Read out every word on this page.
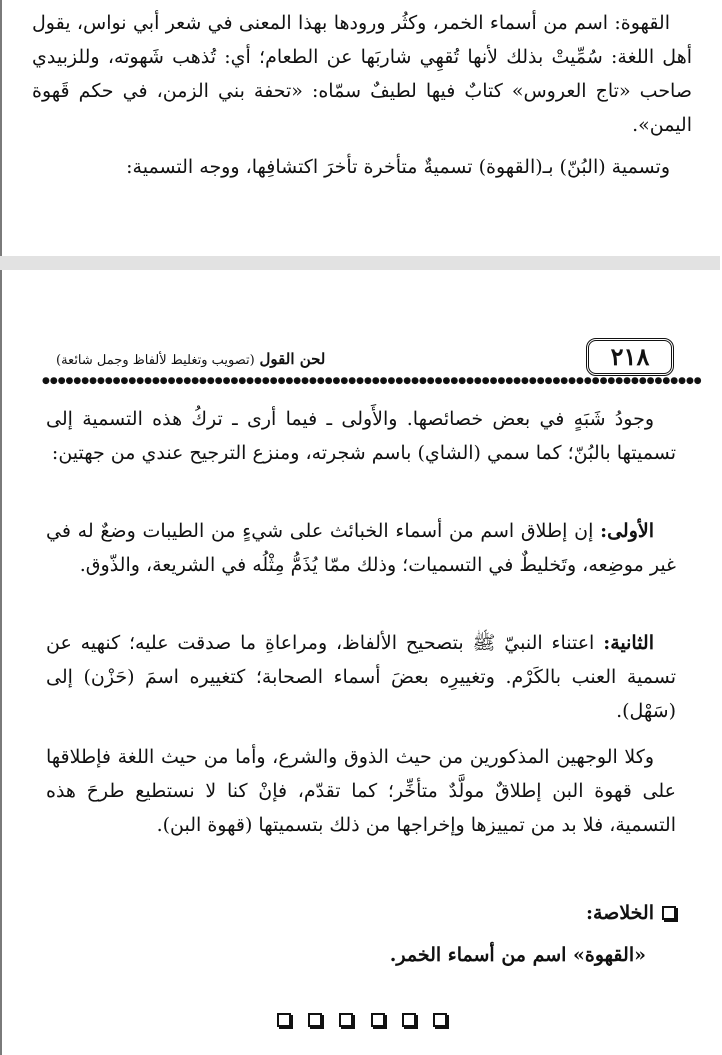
القهوة: اسم من أسماء الخمر، وكثُر ورودها بهذا المعنى في شعر أبي نواس، يقول أهل اللغة: سُمِّيتْ بذلك لأنها تُقهِي شاربَها عن الطعام؛ أي: تُذهب شَهوته، وللزبيدي صاحب «تاج العروس» كتابٌ فيها لطيفٌ سمّاه: «تحفة بني الزمن، في حكم قَهوة اليمن».

وتسمية (البُنّ) بـ(القهوة) تسميةٌ متأخرة تأخرَ اكتشافِها، ووجه التسمية:

٢١٨
لحن القول (تصويب وتغليط لألفاظ وجمل شائعة)
●●●●●●●●●●●●●●●●●●●●●●●●●●●●●●●●●●●●●●●●●●●●●●●●●●●●●●●●●●●●●●●●●●●●●●●●●●●●●●●●●●●●

وجودُ شَبَهٍ في بعض خصائصها. والأَولى ـ فيما أرى ـ تركُ هذه التسمية إلى تسميتها بالبُنّ؛ كما سمي (الشاي) باسم شجرته، ومنزع الترجيح عندي من جهتين:

الأولى: إن إطلاق اسم من أسماء الخبائث على شيءٍ من الطيبات وضعٌ له في غير موضِعه، وتَخليطٌ في التسميات؛ وذلك ممّا يُذَمُّ مِثْلُه في الشريعة، والذّوق.

الثانية: اعتناء النبيّ ﷺ بتصحيح الألفاظ، ومراعاةِ ما صدقت عليه؛ كنهيه عن تسمية العنب بالكَرْم. وتغييرِه بعضَ أسماء الصحابة؛ كتغييره اسمَ (حَزْن) إلى (سَهْل).

وكلا الوجهين المذكورين من حيث الذوق والشرع، وأما من حيث اللغة فإطلاقها على قهوة البن إطلاقٌ مولَّدٌ متأخِّر؛ كما تقدّم، فإنْ كنا لا نستطيع طرحَ هذه التسمية، فلا بد من تمييزها وإخراجها من ذلك بتسميتها (قهوة البن).

الخلاصة:
«القهوة» اسم من أسماء الخمر.
